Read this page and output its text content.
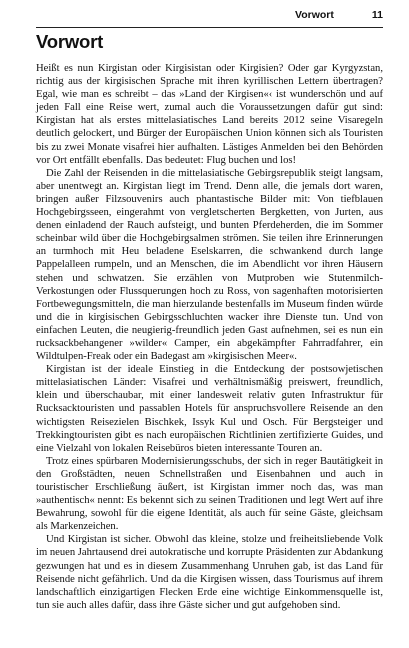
Vorwort	11
Vorwort

Heißt es nun Kirgistan oder Kirgisistan oder Kirgisien? Oder gar Kyrgyzstan, richtig aus der kirgisischen Sprache mit ihren kyrillischen Lettern übertragen? Egal, wie man es schreibt – das »Land der Kirgisen«‹ ist wunderschön und auf jeden Fall eine Reise wert, zumal auch die Voraussetzungen dafür gut sind: Kirgistan hat als erstes mittelasiatisches Land bereits 2012 seine Visaregeln deutlich gelockert, und Bürger der Europäischen Union können sich als Touristen bis zu zwei Monate visafrei hier aufhalten. Lästiges Anmelden bei den Behörden vor Ort entfällt ebenfalls. Das bedeutet: Flug buchen und los!

Die Zahl der Reisenden in die mittelasiatische Gebirgsrepublik steigt langsam, aber unentwegt an. Kirgistan liegt im Trend. Denn alle, die jemals dort waren, bringen außer Filzsouvenirs auch phantastische Bilder mit: Von tiefblauen Hochgebirgsseen, eingerahmt von vergletscherten Bergketten, von Jurten, aus denen einladend der Rauch aufsteigt, und bunten Pferdeherden, die im Sommer scheinbar wild über die Hochgebirgsalmen strömen. Sie teilen ihre Erinnerungen an turmhoch mit Heu beladene Eselskarren, die schwankend durch lange Pappelalleen rumpeln, und an Menschen, die im Abendlicht vor ihren Häusern stehen und schwatzen. Sie erzählen von Mutproben wie Stutenmilch-Verkostungen oder Flussquerungen hoch zu Ross, von sagenhaften motorisierten Fortbewegungsmitteln, die man hierzulande bestenfalls im Museum finden würde und die in kirgisischen Gebirgsschluchten wacker ihre Dienste tun. Und von einfachen Leuten, die neugierig-freundlich jeden Gast aufnehmen, sei es nun ein rucksackbehangener »wilder« Camper, ein abgekämpfter Fahrradfahrer, ein Wildtulpen-Freak oder ein Badegast am »kirgisischen Meer«.

Kirgistan ist der ideale Einstieg in die Entdeckung der postsowjetischen mittelasiatischen Länder: Visafrei und verhältnismäßig preiswert, freundlich, klein und überschaubar, mit einer landesweit relativ guten Infrastruktur für Rucksacktouristen und passablen Hotels für anspruchsvollere Reisende an den wichtigsten Reisezielen Bischkek, Issyk Kul und Osch. Für Bergsteiger und Trekkingtouristen gibt es nach europäischen Richtlinien zertifizierte Guides, und eine Vielzahl von lokalen Reisebüros bieten interessante Touren an.

Trotz eines spürbaren Modernisierungsschubs, der sich in reger Bautätigkeit in den Großstädten, neuen Schnellstraßen und Eisenbahnen und auch in touristischer Erschließung äußert, ist Kirgistan immer noch das, was man »authentisch« nennt: Es bekennt sich zu seinen Traditionen und legt Wert auf ihre Bewahrung, sowohl für die eigene Identität, als auch für seine Gäste, gleichsam als Markenzeichen.

Und Kirgistan ist sicher. Obwohl das kleine, stolze und freiheitsliebende Volk im neuen Jahrtausend drei autokratische und korrupte Präsidenten zur Abdankung gezwungen hat und es in diesem Zusammenhang Unruhen gab, ist das Land für Reisende nicht gefährlich. Und da die Kirgisen wissen, dass Tourismus auf ihrem landschaftlich einzigartigen Flecken Erde eine wichtige Einkommensquelle ist, tun sie auch alles dafür, dass ihre Gäste sicher und gut aufgehoben sind.
